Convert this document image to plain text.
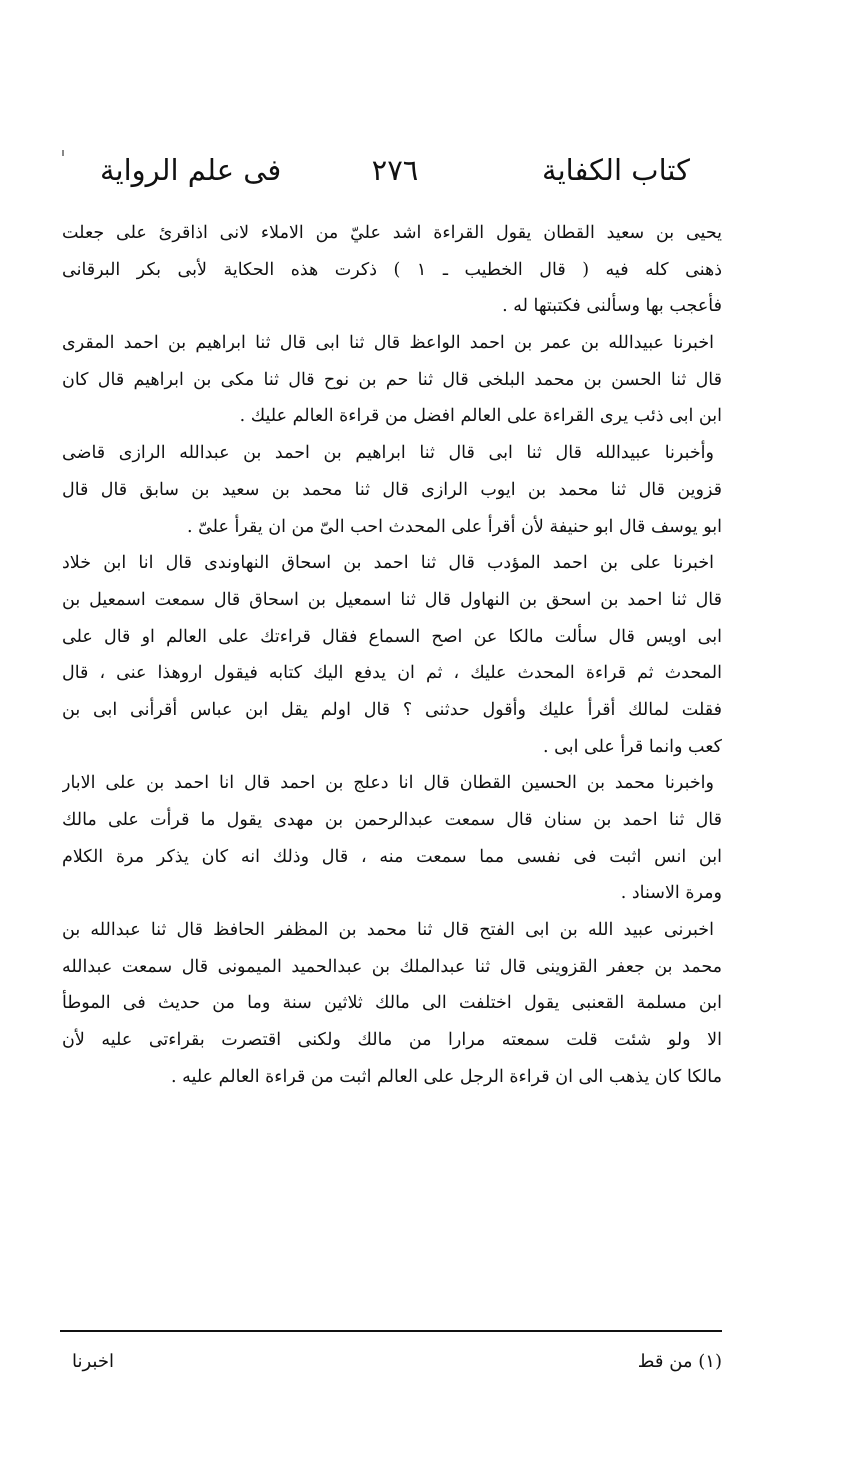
كتاب الكفاية
٢٧٦
فى علم الرواية
يحيى بن سعيد القطان يقول القراءة اشد عليّ من الاملاء لانى اذاقرئ على جعلت
ذهنى كله فيه ( قال الخطيب ـ ١ ) ذكرت هذه الحكاية لأبى بكر البرقانى
فأعجب بها وسألنى فكتبتها له .
اخبرنا عبيدالله بن عمر بن احمد الواعظ قال ثنا ابى قال ثنا ابراهيم بن احمد المقرى
قال ثنا الحسن بن محمد البلخى قال ثنا حم بن نوح قال ثنا مكى بن ابراهيم قال كان
ابن ابى ذئب يرى القراءة على العالم افضل من قراءة العالم عليك .
وأخبرنا عبيدالله قال ثنا ابى قال ثنا ابراهيم بن احمد بن عبدالله الرازى قاضى
قزوين قال ثنا محمد بن ايوب الرازى قال ثنا محمد بن سعيد بن سابق قال قال
ابو يوسف قال ابو حنيفة لأن أقرأ على المحدث احب الىّ من ان يقرأ علىّ .
اخبرنا على بن احمد المؤدب قال ثنا احمد بن اسحاق النهاوندى قال انا ابن خلاد
قال ثنا احمد بن اسحق بن النهاول قال ثنا اسمعيل بن اسحاق قال سمعت اسمعيل بن
ابى اويس قال سألت مالكا عن اصح السماع فقال قراءتك على العالم او قال على
المحدث ثم قراءة المحدث عليك ، ثم ان يدفع اليك كتابه فيقول اروهذا عنى ، قال
فقلت لمالك أقرأ عليك وأقول حدثنى ؟ قال اولم يقل ابن عباس أقرأنى ابى بن
كعب وانما قرأ على ابى .
واخبرنا محمد بن الحسين القطان قال انا دعلج بن احمد قال انا احمد بن على الابار
قال ثنا احمد بن سنان قال سمعت عبدالرحمن بن مهدى يقول ما قرأت على مالك
ابن انس اثبت فى نفسى مما سمعت منه ، قال وذلك انه كان يذكر مرة الكلام
ومرة الاسناد .
اخبرنى عبيد الله بن ابى الفتح قال ثنا محمد بن المظفر الحافظ قال ثنا عبدالله بن
محمد بن جعفر القزوينى قال ثنا عبدالملك بن عبدالحميد الميمونى قال سمعت عبدالله
ابن مسلمة القعنبى يقول اختلفت الى مالك ثلاثين سنة وما من حديث فى الموطأ
الا ولو شئت قلت سمعته مرارا من مالك ولكنى اقتصرت بقراءتى عليه لأن
مالكا كان يذهب الى ان قراءة الرجل على العالم اثبت من قراءة العالم عليه .
(١) من قط
اخبرنا
